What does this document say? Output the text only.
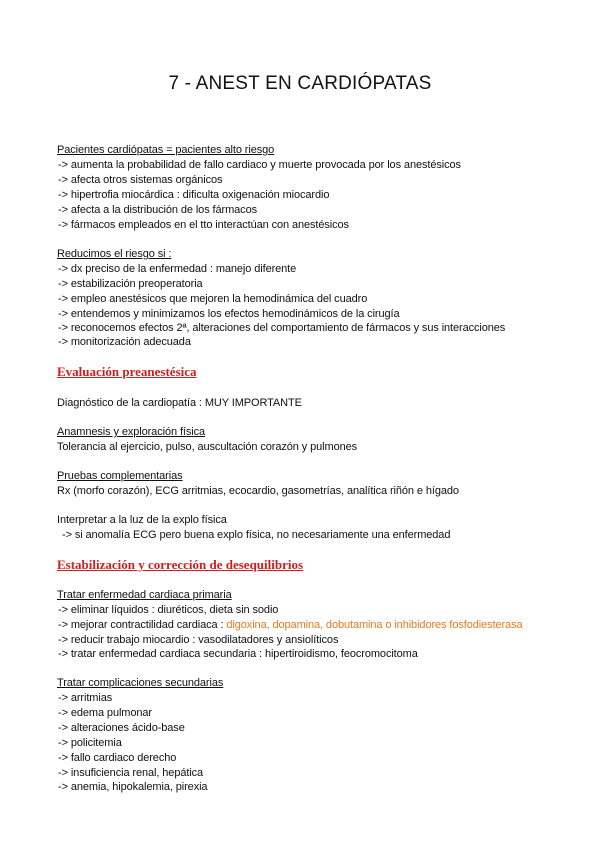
7 - ANEST EN CARDIÓPATAS
Pacientes cardiópatas = pacientes alto riesgo
-> aumenta la probabilidad de fallo cardiaco y muerte provocada por los anestésicos
-> afecta otros sistemas orgánicos
-> hipertrofia miocárdica : dificulta oxigenación miocardio
-> afecta a la distribución de los fármacos
-> fármacos empleados en el tto interactúan con anestésicos
Reducimos el riesgo si :
-> dx preciso de la enfermedad : manejo diferente
-> estabilización preoperatoria
-> empleo anestésicos que mejoren la hemodinámica del cuadro
-> entendemos y minimizamos los efectos hemodinámicos de la cirugía
-> reconocemos efectos 2ª, alteraciones del comportamiento de fármacos y sus interacciones
-> monitorización adecuada
Evaluación preanestésica
Diagnóstico de la cardiopatía : MUY IMPORTANTE
Anamnesis y exploración física
Tolerancia al ejercicio, pulso, auscultación corazón y pulmones
Pruebas complementarias
Rx (morfo corazón), ECG arritmias, ecocardio, gasometrías, analítica riñón e hígado
Interpretar a la luz de la explo física
-> si anomalía ECG pero buena explo física, no necesariamente una enfermedad
Estabilización y corrección de desequilibrios
Tratar enfermedad cardiaca primaria
-> eliminar líquidos : diuréticos, dieta sin sodio
-> mejorar contractilidad cardiaca : digoxina, dopamina, dobutamina o inhibidores fosfodiesterasa
-> reducir trabajo miocardio : vasodilatadores y ansiolíticos
-> tratar enfermedad cardiaca secundaria : hipertiroidismo, feocromocitoma
Tratar complicaciones secundarias
-> arritmias
-> edema pulmonar
-> alteraciones ácido-base
-> policitemia
-> fallo cardiaco derecho
-> insuficiencia renal, hepática
-> anemia, hipokalemia, pirexia
